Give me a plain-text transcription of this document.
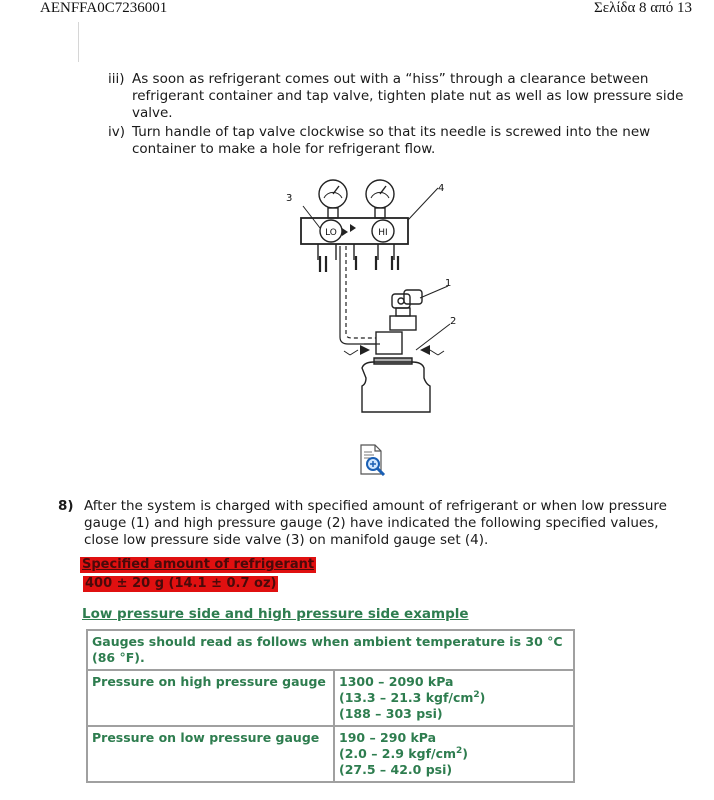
AENFFA0C7236001	Σελίδα 8 από 13
iii) As soon as refrigerant comes out with a “hiss” through a clearance between
refrigerant container and tap valve, tighten plate nut as well as low pressure side
valve.
iv) Turn handle of tap valve clockwise so that its needle is screwed into the new
container to make a hole for refrigerant flow.
LO	HI
3
4
1
2
8) After the system is charged with specified amount of refrigerant or when low pressure
gauge (1) and high pressure gauge (2) have indicated the following specified values,
close low pressure side valve (3) on manifold gauge set (4).
Specified amount of refrigerant
400 ± 20 g (14.1 ± 0.7 oz)
Low pressure side and high pressure side example
Gauges should read as follows when ambient temperature is 30 °C
(86 °F).	

Pressure on high pressure gauge	1300 – 2090 kPa
(13.3 – 21.3 kgf/$cm^2$)
(188 – 303 psi)

Pressure on low pressure gauge	190 – 290 kPa
(2.0 – 2.9 kgf/$cm^2$)
(27.5 – 42.0 psi)
